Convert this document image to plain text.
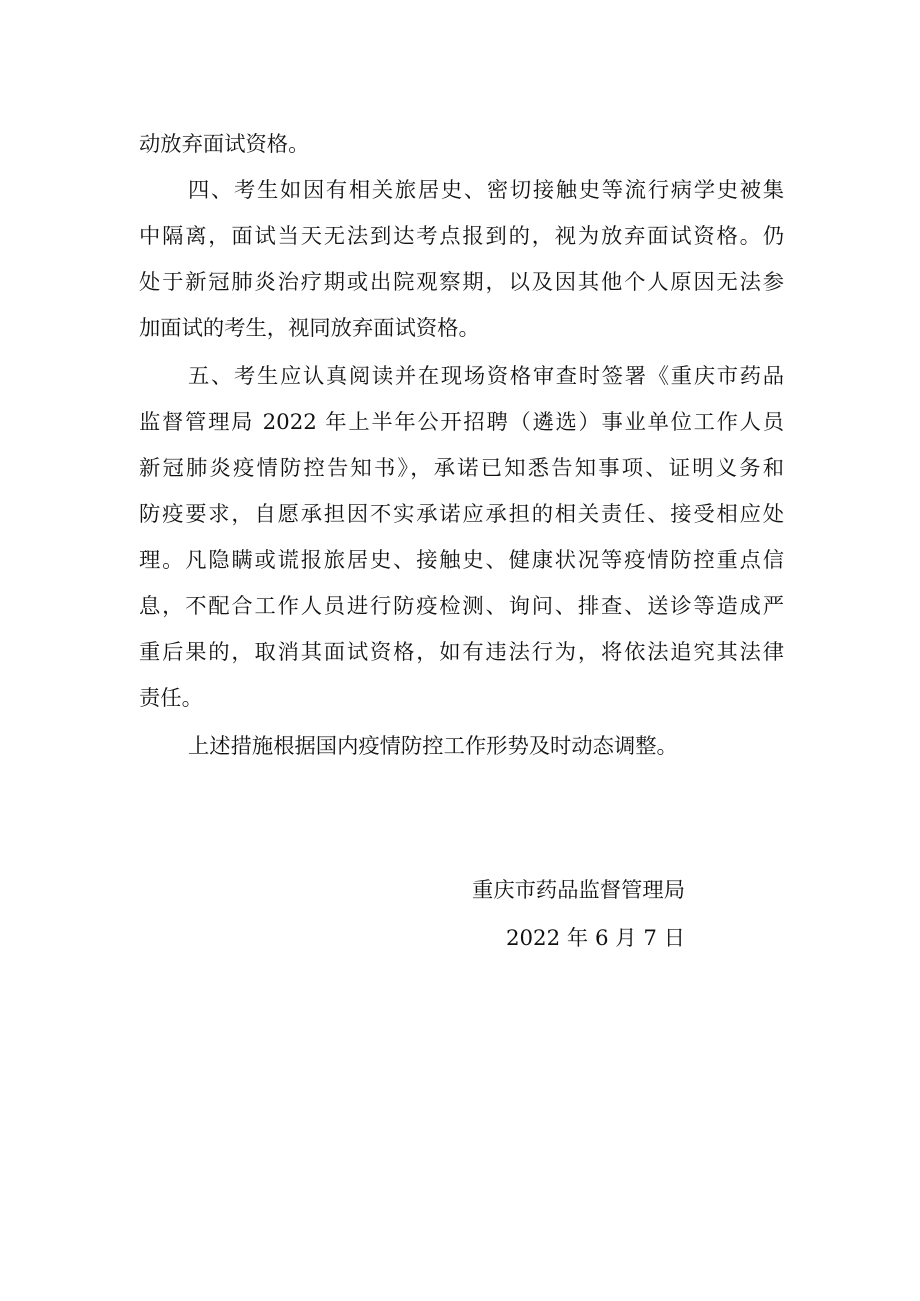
动放弃面试资格。
四、考生如因有相关旅居史、密切接触史等流行病学史被集
中隔离，面试当天无法到达考点报到的，视为放弃面试资格。仍
处于新冠肺炎治疗期或出院观察期，以及因其他个人原因无法参
加面试的考生，视同放弃面试资格。
五、考生应认真阅读并在现场资格审查时签署《重庆市药品
监督管理局 2022 年上半年公开招聘（遴选）事业单位工作人员
新冠肺炎疫情防控告知书》，承诺已知悉告知事项、证明义务和
防疫要求，自愿承担因不实承诺应承担的相关责任、接受相应处
理。凡隐瞒或谎报旅居史、接触史、健康状况等疫情防控重点信
息，不配合工作人员进行防疫检测、询问、排查、送诊等造成严
重后果的，取消其面试资格，如有违法行为，将依法追究其法律
责任。
上述措施根据国内疫情防控工作形势及时动态调整。
重庆市药品监督管理局
2022 年 6 月 7 日
